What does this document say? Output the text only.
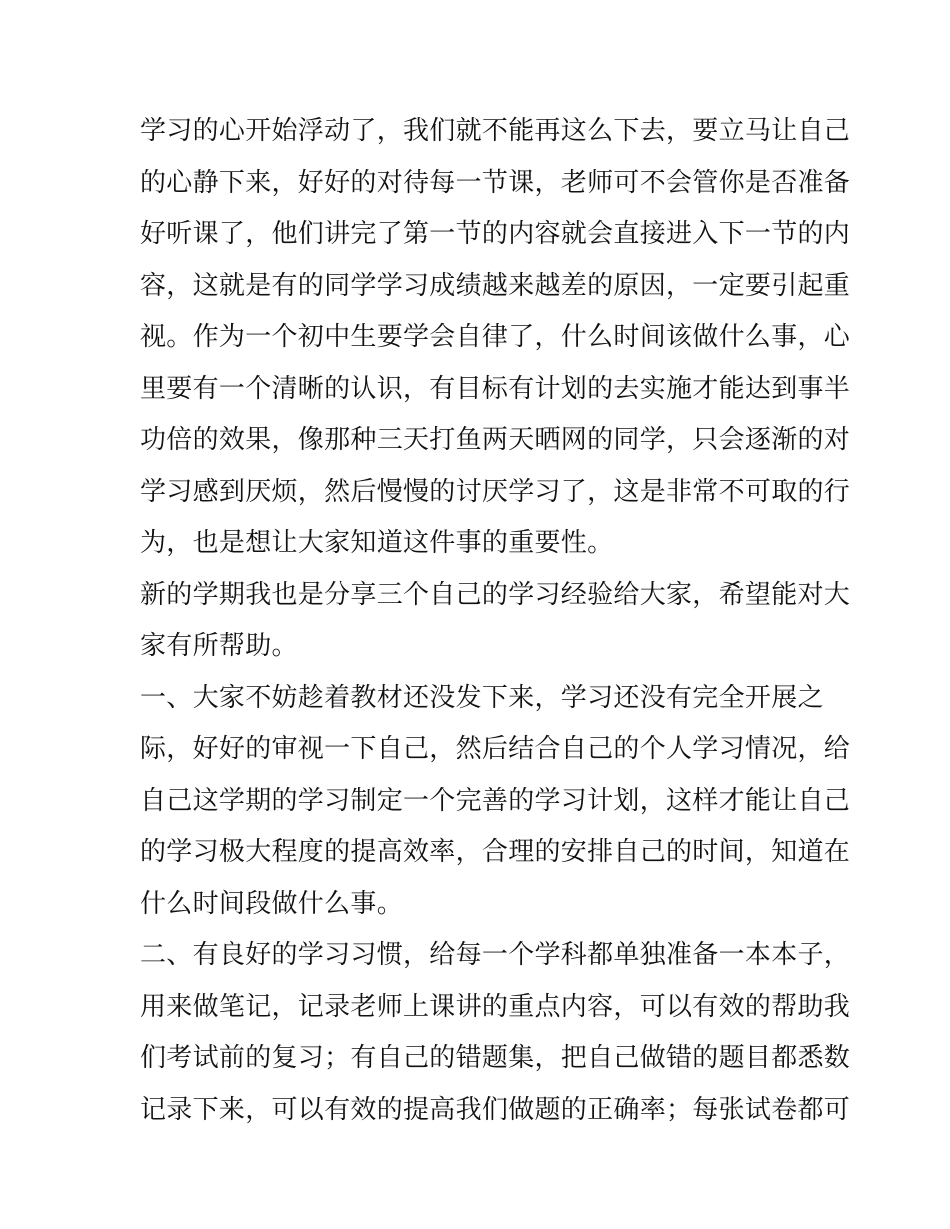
学习的心开始浮动了，我们就不能再这么下去，要立马让自己
的心静下来，好好的对待每一节课，老师可不会管你是否准备
好听课了，他们讲完了第一节的内容就会直接进入下一节的内
容，这就是有的同学学习成绩越来越差的原因，一定要引起重
视。作为一个初中生要学会自律了，什么时间该做什么事，心
里要有一个清晰的认识，有目标有计划的去实施才能达到事半
功倍的效果，像那种三天打鱼两天晒网的同学，只会逐渐的对
学习感到厌烦，然后慢慢的讨厌学习了，这是非常不可取的行
为，也是想让大家知道这件事的重要性。
新的学期我也是分享三个自己的学习经验给大家，希望能对大
家有所帮助。
一、大家不妨趁着教材还没发下来，学习还没有完全开展之
际，好好的审视一下自己，然后结合自己的个人学习情况，给
自己这学期的学习制定一个完善的学习计划，这样才能让自己
的学习极大程度的提高效率，合理的安排自己的时间，知道在
什么时间段做什么事。
二、有良好的学习习惯，给每一个学科都单独准备一本本子，
用来做笔记，记录老师上课讲的重点内容，可以有效的帮助我
们考试前的复习；有自己的错题集，把自己做错的题目都悉数
记录下来，可以有效的提高我们做题的正确率；每张试卷都可
